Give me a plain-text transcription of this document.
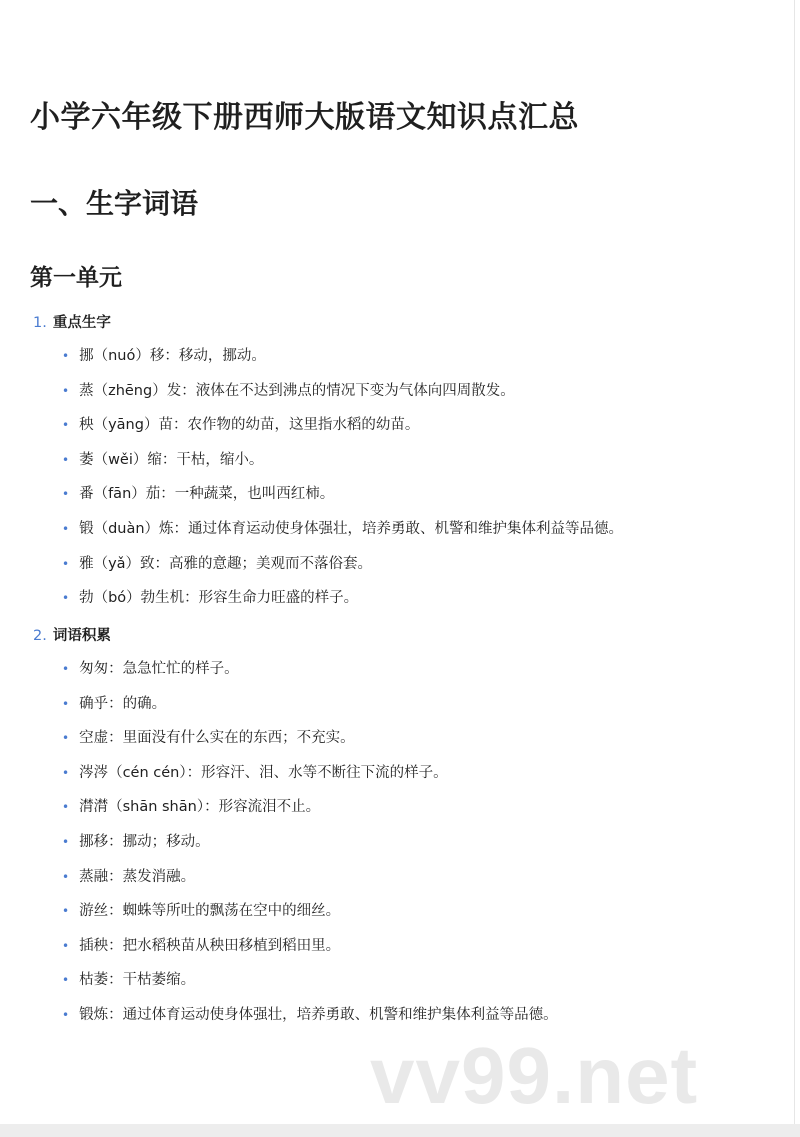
小学六年级下册西师大版语文知识点汇总
一、生字词语
第一单元
1. 重点生字
• 挪（nuó）移：移动，挪动。
• 蒸（zhēng）发：液体在不达到沸点的情况下变为气体向四周散发。
• 秧（yāng）苗：农作物的幼苗，这里指水稻的幼苗。
• 萎（wěi）缩：干枯，缩小。
• 番（fān）茄：一种蔬菜，也叫西红柿。
• 锻（duàn）炼：通过体育运动使身体强壮，培养勇敢、机警和维护集体利益等品德。
• 雅（yǎ）致：高雅的意趣；美观而不落俗套。
• 勃（bó）勃生机：形容生命力旺盛的样子。
2. 词语积累
• 匆匆：急急忙忙的样子。
• 确乎：的确。
• 空虚：里面没有什么实在的东西；不充实。
• 涔涔（cén cén）：形容汗、泪、水等不断往下流的样子。
• 潸潸（shān shān）：形容流泪不止。
• 挪移：挪动；移动。
• 蒸融：蒸发消融。
• 游丝：蜘蛛等所吐的飘荡在空中的细丝。
• 插秧：把水稻秧苗从秧田移植到稻田里。
• 枯萎：干枯萎缩。
• 锻炼：通过体育运动使身体强壮，培养勇敢、机警和维护集体利益等品德。
vv99.net
